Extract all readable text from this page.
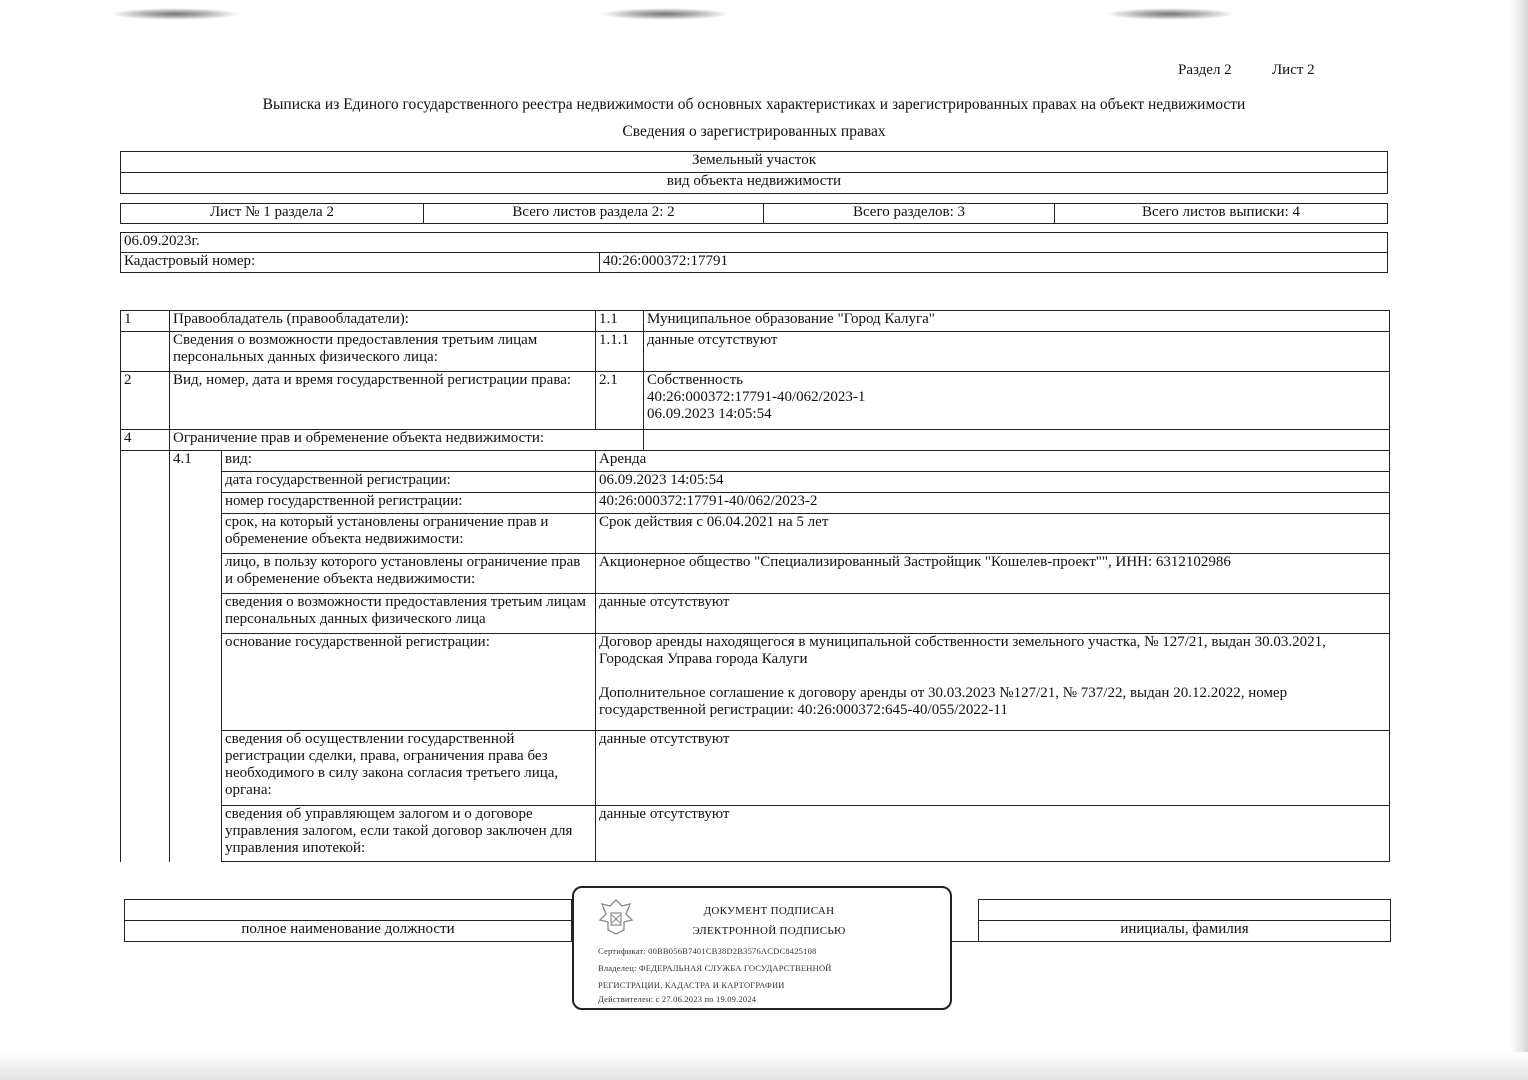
Раздел 2	Лист 2
Выписка из Единого государственного реестра недвижимости об основных характеристиках и зарегистрированных правах на объект недвижимости
Сведения о зарегистрированных правах
Земельный участок
вид объекта недвижимости
Лист № 1 раздела 2	Всего листов раздела 2: 2	Всего разделов: 3	Всего листов выписки: 4
06.09.2023г.
Кадастровый номер:	40:26:000372:17791
1	Правообладатель (правообладатели):		1.1	Муниципальное образование "Город Калуга"
	Сведения о возможности предоставления третьим лицам персональных данных физического лица:		1.1.1	данные отсутствуют
2	Вид, номер, дата и время государственной регистрации права:		2.1	Собственность
40:26:000372:17791-40/062/2023-1
06.09.2023 14:05:54

4	Ограничение прав и обременение объекта недвижимости:			
	4.1	вид:	Аренда	
		дата государственной регистрации:	06.09.2023 14:05:54	
		номер государственной регистрации:	40:26:000372:17791-40/062/2023-2	
		срок, на который установлены ограничение прав и обременение объекта недвижимости:	Срок действия с 06.04.2021 на 5 лет	
		лицо, в пользу которого установлены ограничение прав и обременение объекта недвижимости:	Акционерное общество "Специализированный Застройщик "Кошелев-проект"", ИНН: 6312102986	
		сведения о возможности предоставления третьим лицам персональных данных физического лица	данные отсутствуют	
		основание государственной регистрации:	Договор аренды находящегося в муниципальной собственности земельного участка, № 127/21, выдан 30.03.2021, Городская Управа города Калуги
Дополнительное соглашение к договору аренды от 30.03.2023 №127/21, № 737/22, выдан 20.12.2022, номер государственной регистрации: 40:26:000372:645-40/055/2022-11	

		сведения об осуществлении государственной регистрации сделки, права, ограничения права без необходимого в силу закона согласия третьего лица, органа:	данные отсутствуют	
		сведения об управляющем залогом и о договоре управления залогом, если такой договор заключен для управления ипотекой:	данные отсутствуют	

полное наименование должности		инициалы, фамилия
ДОКУМЕНТ ПОДПИСАН
ЭЛЕКТРОННОЙ ПОДПИСЬЮ
Сертификат: 00BB056B7401CB38D2B3576ACDC8425108
Владелец: ФЕДЕРАЛЬНАЯ СЛУЖБА ГОСУДАРСТВЕННОЙ
РЕГИСТРАЦИИ, КАДАСТРА И КАРТОГРАФИИ
Действителен: с 27.06.2023 по 19.09.2024
